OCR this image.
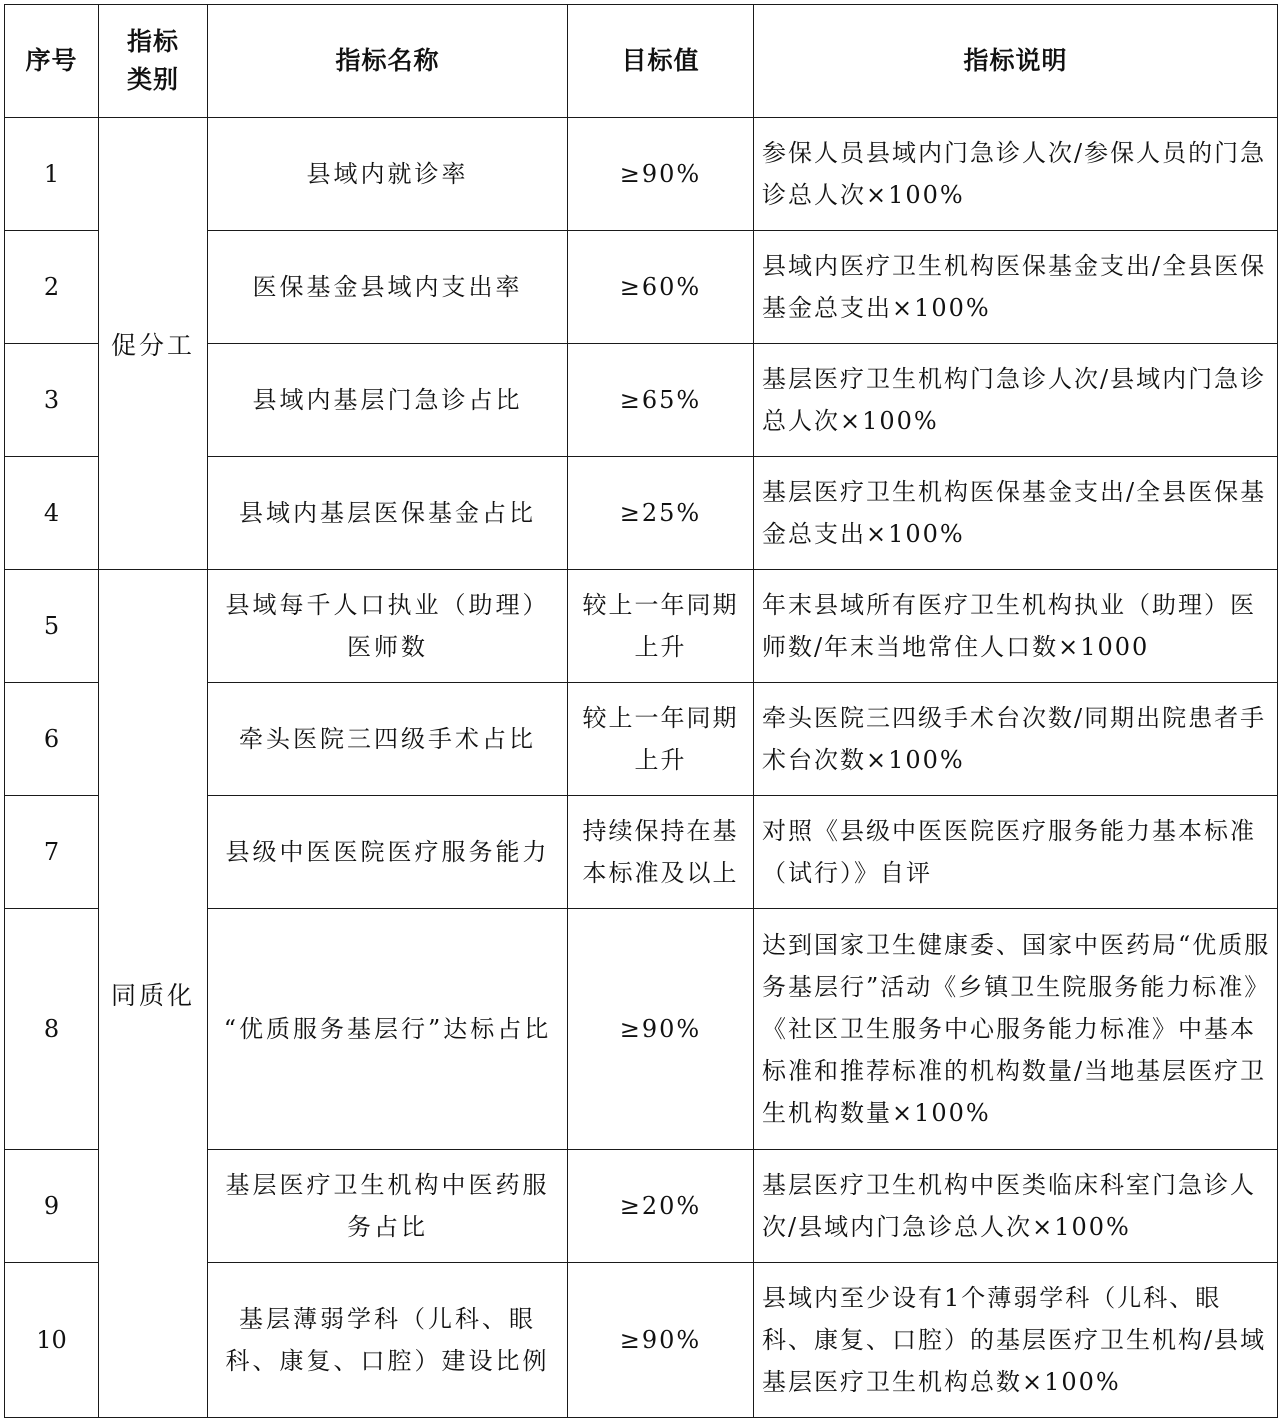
序号	指标类别	指标名称	目标值	指标说明
1	促分工	县域内就诊率	≥90%	参保人员县域内门急诊人次/参保人员的门急诊总人次×100%
2		医保基金县域内支出率	≥60%	县域内医疗卫生机构医保基金支出/全县医保基金总支出×100%
3		县域内基层门急诊占比	≥65%	基层医疗卫生机构门急诊人次/县域内门急诊总人次×100%
4		县域内基层医保基金占比	≥25%	基层医疗卫生机构医保基金支出/全县医保基金总支出×100%
5	同质化	县域每千人口执业（助理）医师数	较上一年同期上升	年末县域所有医疗卫生机构执业（助理）医师数/年末当地常住人口数×1000
6		牵头医院三四级手术占比	较上一年同期上升	牵头医院三四级手术台次数/同期出院患者手术台次数×100%
7		县级中医医院医疗服务能力	持续保持在基本标准及以上	对照《县级中医医院医疗服务能力基本标准（试行）》自评
8		“优质服务基层行”达标占比	≥90%	达到国家卫生健康委、国家中医药局“优质服务基层行”活动《乡镇卫生院服务能力标准》《社区卫生服务中心服务能力标准》中基本标准和推荐标准的机构数量/当地基层医疗卫生机构数量×100%
9		基层医疗卫生机构中医药服务占比	≥20%	基层医疗卫生机构中医类临床科室门急诊人次/县域内门急诊总人次×100%
10		基层薄弱学科（儿科、眼科、康复、口腔）建设比例	≥90%	县域内至少设有1个薄弱学科（儿科、眼科、康复、口腔）的基层医疗卫生机构/县域基层医疗卫生机构总数×100%
